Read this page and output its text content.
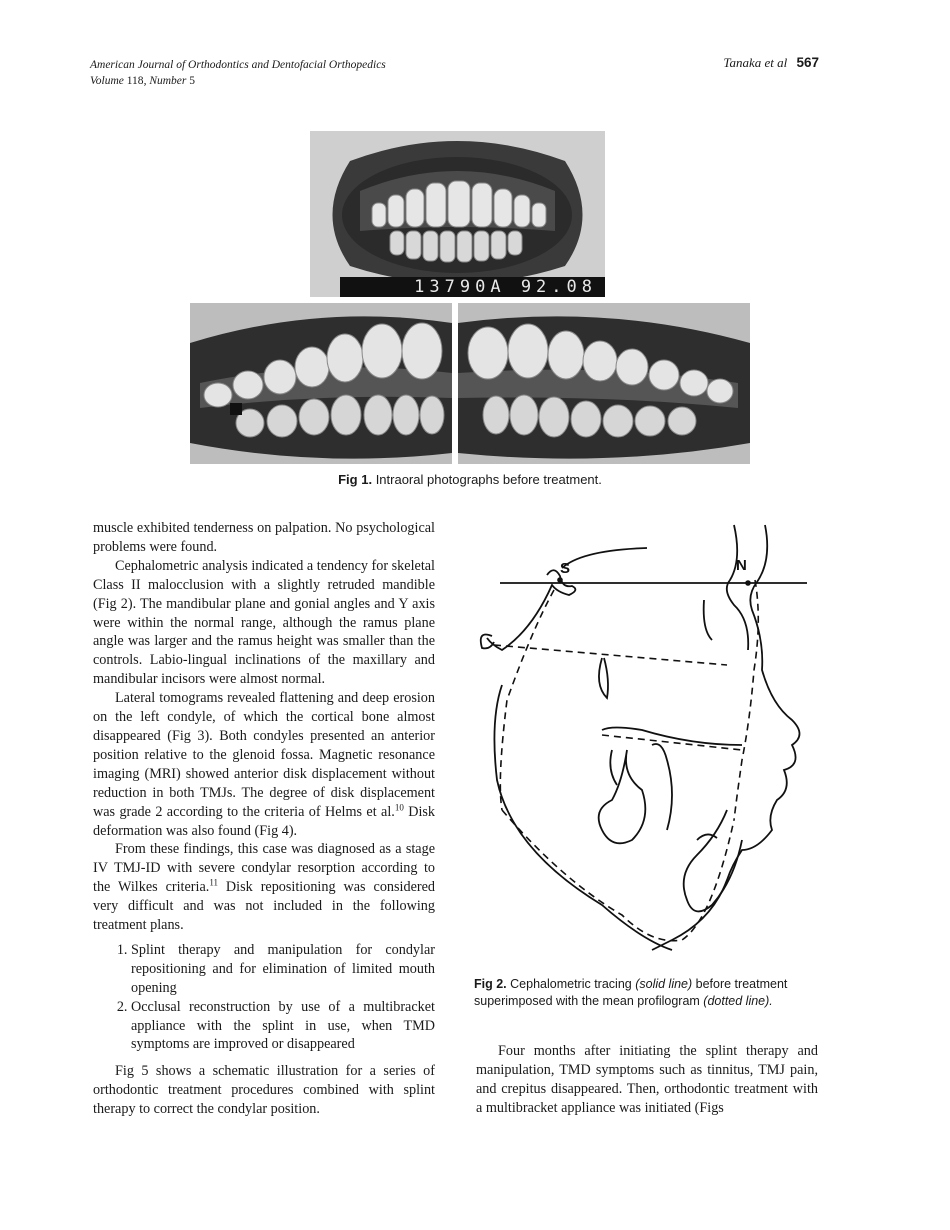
American Journal of Orthodontics and Dentofacial Orthopedics
Volume 118, Number 5
Tanaka et al 567
13790A 92.08
Fig 1. Intraoral photographs before treatment.

muscle exhibited tenderness on palpation. No psychological problems were found.

Cephalometric analysis indicated a tendency for skeletal Class II malocclusion with a slightly retruded mandible (Fig 2). The mandibular plane and gonial angles and Y axis were within the normal range, although the ramus plane angle was larger and the ramus height was smaller than the controls. Labio-lingual inclinations of the maxillary and mandibular incisors were almost normal.

Lateral tomograms revealed flattening and deep erosion on the left condyle, of which the cortical bone almost disappeared (Fig 3). Both condyles presented an anterior position relative to the glenoid fossa. Magnetic resonance imaging (MRI) showed anterior disk displacement without reduction in both TMJs. The degree of disk displacement was grade 2 according to the criteria of Helms et al.$^{10}$ Disk deformation was also found (Fig 4).

From these findings, this case was diagnosed as a stage IV TMJ-ID with severe condylar resorption according to the Wilkes criteria.$^{11}$ Disk repositioning was considered very difficult and was not included in the following treatment plans.

1. Splint therapy and manipulation for condylar repositioning and for elimination of limited mouth opening
2. Occlusal reconstruction by use of a multibracket appliance with the splint in use, when TMD symptoms are improved or disappeared

Fig 5 shows a schematic illustration for a series of orthodontic treatment procedures combined with splint therapy to correct the condylar position.

S	N
Fig 2. Cephalometric tracing (solid line) before treatment superimposed with the mean profilogram (dotted line).

Four months after initiating the splint therapy and manipulation, TMD symptoms such as tinnitus, TMJ pain, and crepitus disappeared. Then, orthodontic treatment with a multibracket appliance was initiated (Figs
